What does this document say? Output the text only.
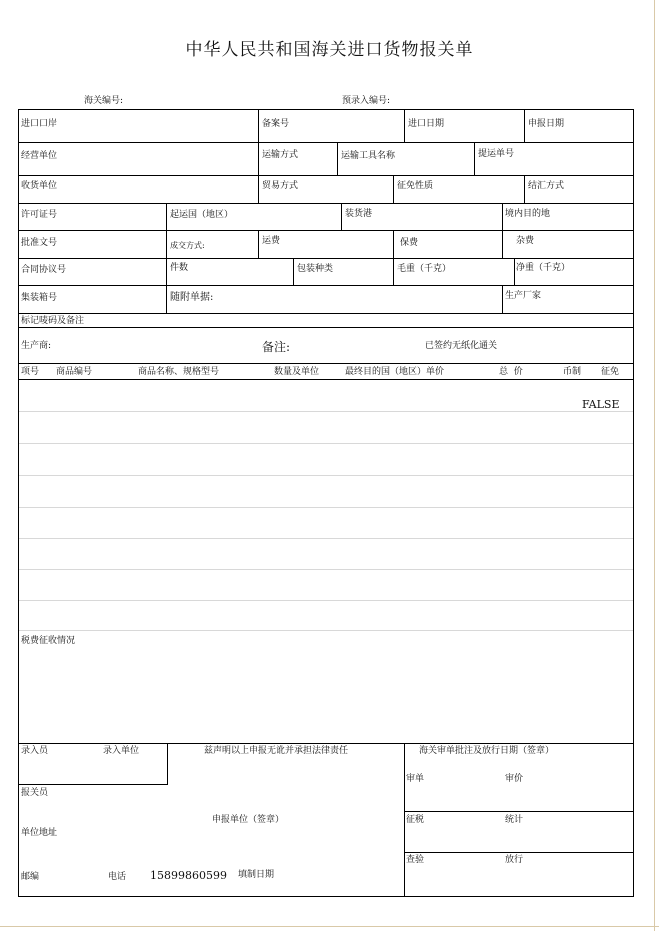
中华人民共和国海关进口货物报关单
海关编号:	预录入编号:
进口口岸	备案号	进口日期	申报日期
经营单位	运输方式	运输工具名称	提运单号
收货单位	贸易方式	征免性质	结汇方式
许可证号	起运国（地区）	装货港	境内目的地
批准文号	成交方式:	运费	保费	杂费
合同协议号	件数	包装种类	毛重（千克）	净重（千克）
集装箱号	随附单据:	生产厂家
标记唛码及备注
生产商:	备注:	已签约无纸化通关
项号 商品编号	商品名称、规格型号	数量及单位	最终目的国（地区）单价	总  价	币制 征免
FALSE
税费征收情况
录入员	录入单位	兹声明以上申报无讹并承担法律责任	海关审单批注及放行日期（签章）
审单	审价
报关员
申报单位（签章）	征税	统计
单位地址
查验	放行
邮编	电话 15899860599 填制日期
